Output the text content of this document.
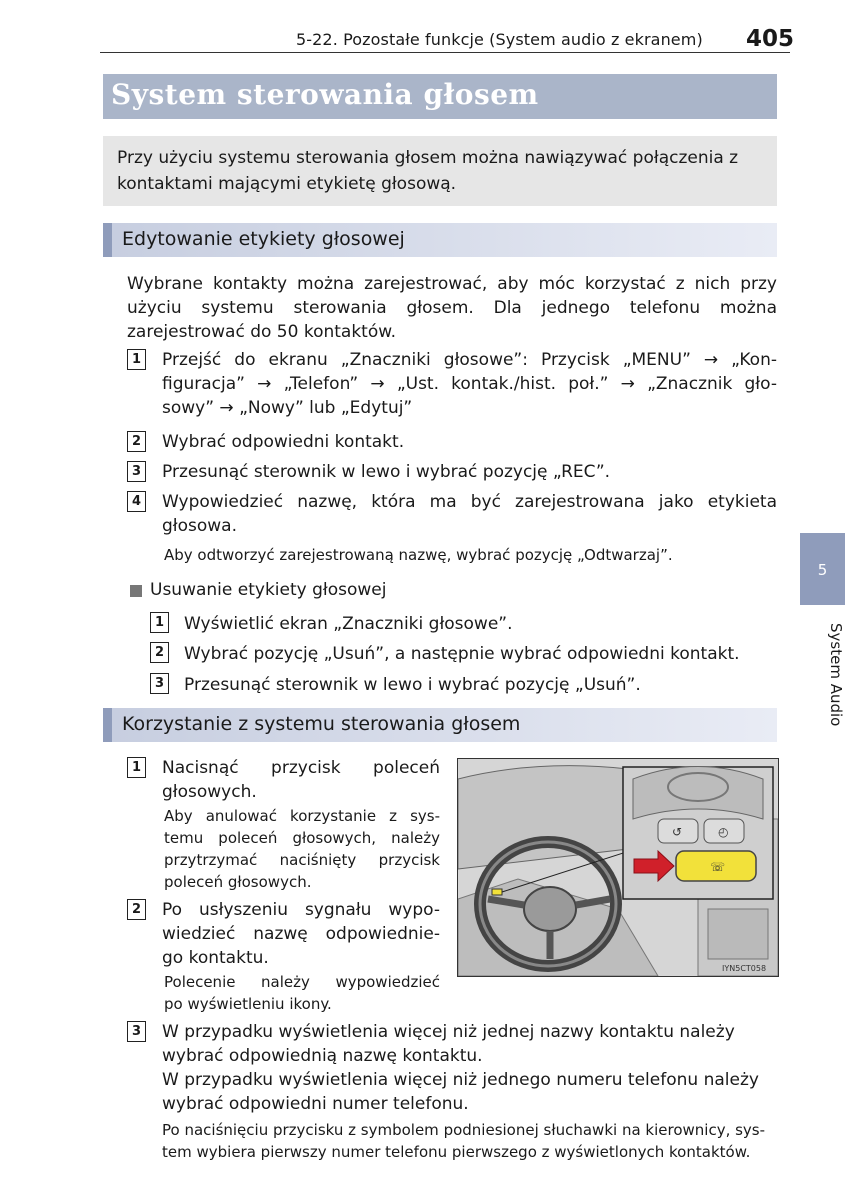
5-22. Pozostałe funkcje (System audio z ekranem) 405
System sterowania głosem

Przy użyciu systemu sterowania głosem można nawiązywać połączenia z kontaktami mającymi etykietę głosową.

Edytowanie etykiety głosowej

Wybrane kontakty można zarejestrować, aby móc korzystać z nich przy użyciu systemu sterowania głosem. Dla jednego telefonu można zarejestrować do 50 kontaktów.

1 Przejść do ekranu „Znaczniki głosowe”: Przycisk „MENU” → „Kon-
figuracja” → „Telefon” → „Ust. kontak./hist. poł.” → „Znacznik gło-
sowy” → „Nowy” lub „Edytuj”
2 Wybrać odpowiedni kontakt.
3 Przesunąć sterownik w lewo i wybrać pozycję „REC”.
4 Wypowiedzieć nazwę, która ma być zarejestrowana jako etykieta
głosowa.
Aby odtworzyć zarejestrowaną nazwę, wybrać pozycję „Odtwarzaj”.
Usuwanie etykiety głosowej
1 Wyświetlić ekran „Znaczniki głosowe”.
2 Wybrać pozycję „Usuń”, a następnie wybrać odpowiedni kontakt.
3 Przesunąć sterownik w lewo i wybrać pozycję „Usuń”.
Korzystanie z systemu sterowania głosem
1 Nacisnąć przycisk poleceń
głosowych.
Aby anulować korzystanie z sys-
temu poleceń głosowych, należy
przytrzymać naciśnięty przycisk
poleceń głosowych.
2 Po usłyszeniu sygnału wypo-
wiedzieć nazwę odpowiednie-
go kontaktu.
Polecenie należy wypowiedzieć
po wyświetleniu ikony.
3 W przypadku wyświetlenia więcej niż jednej nazwy kontaktu należy
wybrać odpowiednią nazwę kontaktu.
W przypadku wyświetlenia więcej niż jednego numeru telefonu należy
wybrać odpowiedni numer telefonu.
Po naciśnięciu przycisku z symbolem podniesionej słuchawki na kierownicy, sys-
tem wybiera pierwszy numer telefonu pierwszego z wyświetlonych kontaktów.
↺	◴
☏
IYN5CT058
5
System Audio
